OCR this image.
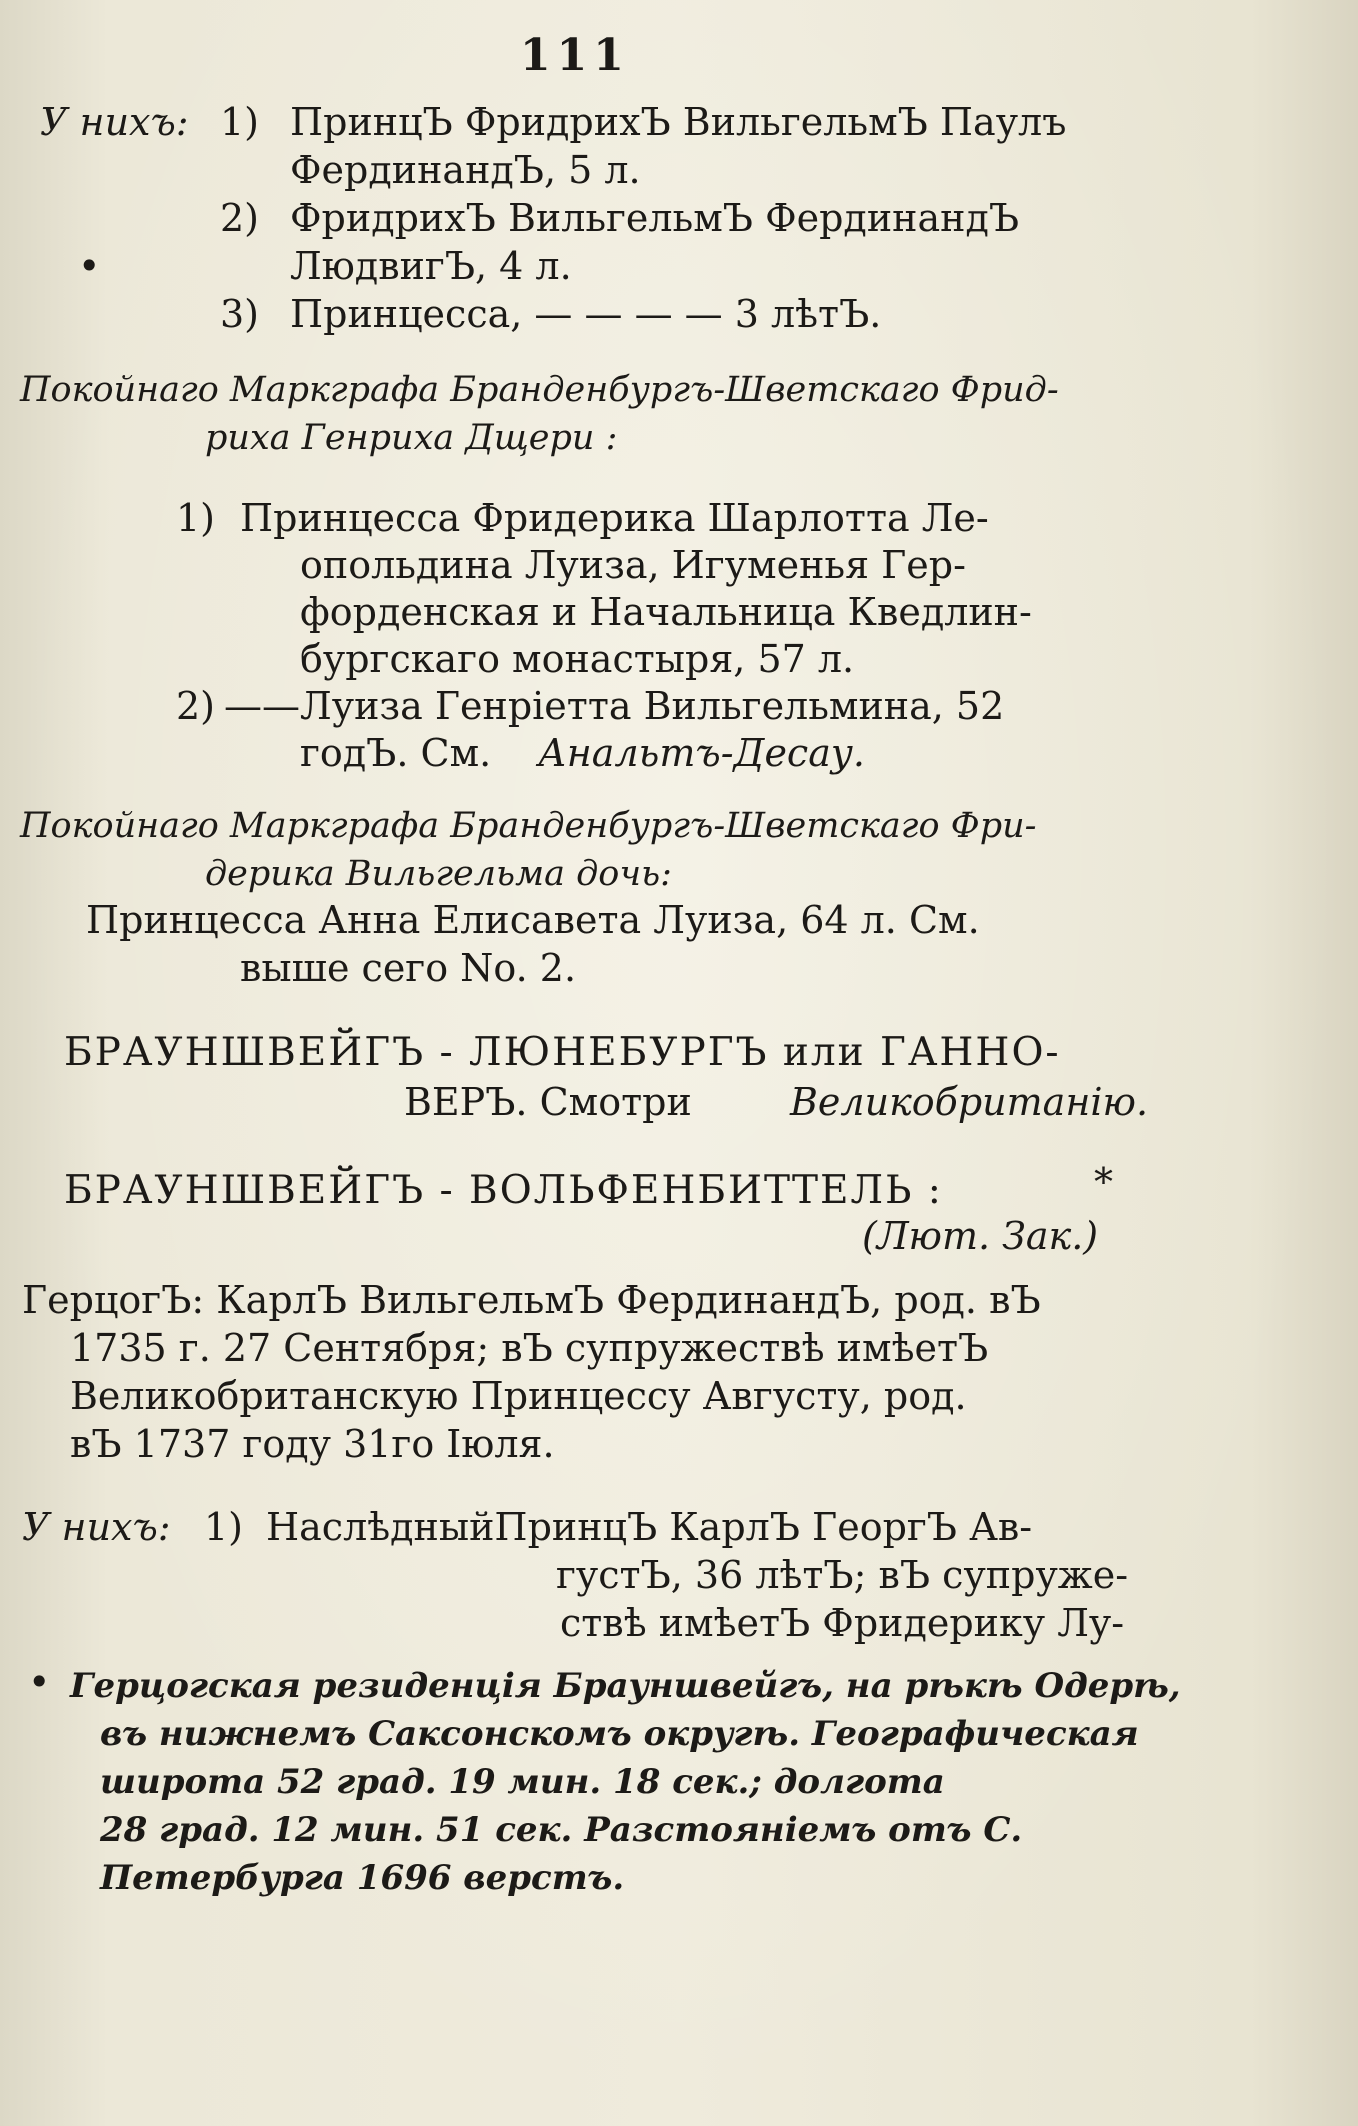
111
У нихъ: 1) ПринцЪ ФридрихЪ ВильгельмЪ Паулъ
ФердинандЪ, 5 л.
2) ФридрихЪ ВильгельмЪ ФердинандЪ
•	ЛюдвигЪ, 4 л.
3) Принцесса, — — — — 3 лѣтЪ.
Покойнаго Маркграфа Бранденбургъ-Шветскаго Фрид-
риха Генриха Дщери :
1) Принцесса Фридерика Шарлотта Ле-
опольдина Луиза, Игуменья Гер-
форденская и Начальница Кведлин-
бургскаго монастыря, 57 л.
2) ——Луиза Генріетта Вильгельмина, 52
годЪ. См. Анальтъ-Десау.
Покойнаго Маркграфа Бранденбургъ-Шветскаго Фри-
дерика Вильгельма дочь:
Принцесса Анна Елисавета Луиза, 64 л. См.
выше сего No. 2.
БРАУНШВЕЙГЪ - ЛЮНЕБУРГЪ или ГАННО-
ВЕРЪ. Смотри	Великобританію.
БРАУНШВЕЙГЪ - ВОЛЬФЕНБИТТЕЛЬ :	*
(Лют. Зак.)
ГерцогЪ: КарлЪ ВильгельмЪ ФердинандЪ, род. вЪ
1735 г. 27 Сентября; вЪ супружествѣ имѣетЪ
Великобританскую Принцессу Августу, род.
вЪ 1737 году 31го Іюля.
У нихъ: 1) НаслѣдныйПринцЪ КарлЪ ГеоргЪ Ав-
густЪ, 36 лѣтЪ; вЪ супруже-
ствѣ имѣетЪ Фридерику Лу-
• Герцогская резиденція Брауншвейгъ, на рѣкѣ Одерѣ,
въ нижнемъ Саксонскомъ округѣ. Географическая
широта 52 град. 19 мин. 18 сек.; долгота
28 град. 12 мин. 51 сек. Разстояніемъ отъ С.
Петербурга 1696 верстъ.
